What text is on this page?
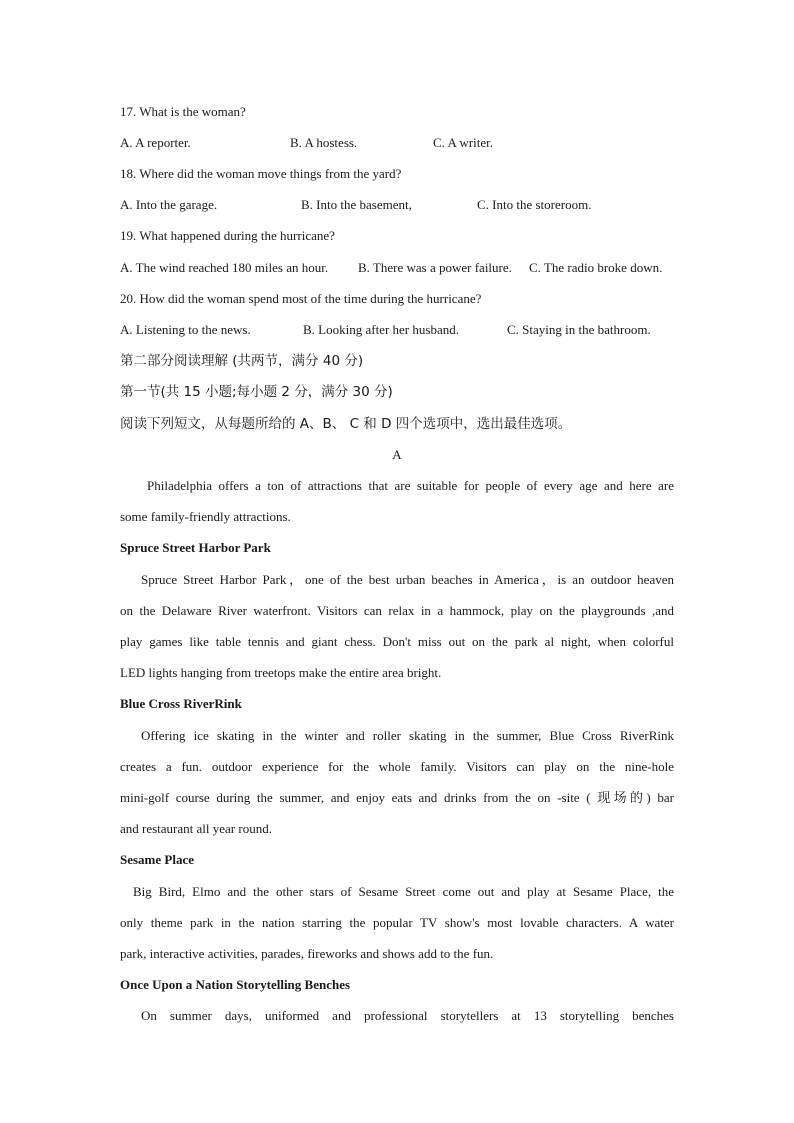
17. What is the woman?
A. A reporter.	B. A hostess.	C. A writer.
18. Where did the woman move things from the yard?
A. Into the garage.	B. Into the basement,	C. Into the storeroom.
19. What happened during the hurricane?
A. The wind reached 180 miles an hour. B. There was a power failure. C. The radio broke down.
20. How did the woman spend most of the time during the hurricane?
A. Listening to the news.	B. Looking after her husband.	C. Staying in the bathroom.
第二部分阅读理解 (共两节，满分 40 分)
第一节(共 15 小题;每小题 2 分，满分 30 分)
阅读下列短文，从每题所给的 A、B、 C 和 D 四个选项中，选出最佳选项。
A
Philadelphia offers a ton of attractions that are suitable for people of every age and here are
some family-friendly attractions.
Spruce Street Harbor Park
Spruce Street Harbor Park，one of the best urban beaches in America，is an outdoor heaven
on the Delaware River waterfront. Visitors can relax in a hammock, play on the playgrounds ,and
play games like table tennis and giant chess. Don't miss out on the park al night, when colorful
LED lights hanging from treetops make the entire area bright.
Blue Cross RiverRink
Offering ice skating in the winter and roller skating in the summer, Blue Cross RiverRink
creates a fun. outdoor experience for the whole family. Visitors can play on the nine-hole
mini-golf course during the summer, and enjoy eats and drinks from the on -site ( 现场的) bar
and restaurant all year round.
Sesame Place
Big Bird, Elmo and the other stars of Sesame Street come out and play at Sesame Place, the
only theme park in the nation starring the popular TV show's most lovable characters. A water
park, interactive activities, parades, fireworks and shows add to the fun.
Once Upon a Nation Storytelling Benches
On summer days, uniformed and professional storytellers at 13 storytelling benches
